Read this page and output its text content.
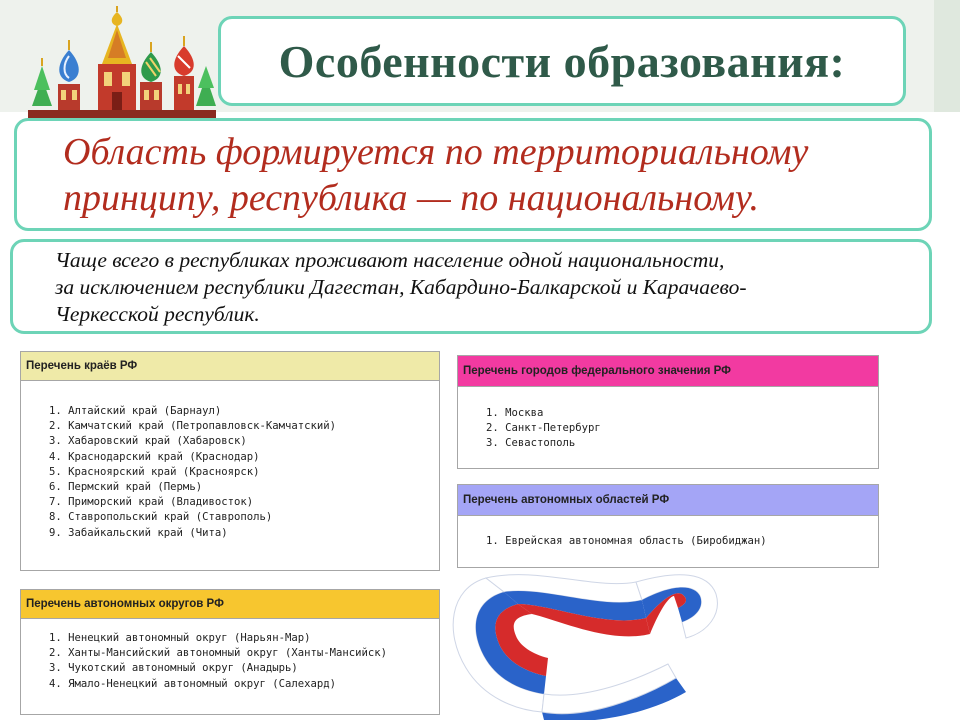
Особенности образования:
Область формируется по территориальному
принципу, республика — по национальному.
Чаще всего в республиках проживают население одной национальности,
за исключением республики Дагестан, Кабардино-Балкарской и Карачаево-
Черкесской республик.
Перечень краёв РФ
1. Алтайский край (Барнаул)
2. Камчатский край (Петропавловск-Камчатский)
3. Хабаровский край (Хабаровск)
4. Краснодарский край (Краснодар)
5. Красноярский край (Красноярск)
6. Пермский край (Пермь)
7. Приморский край (Владивосток)
8. Ставропольский край (Ставрополь)
9. Забайкальский край (Чита)
Перечень городов федерального значения РФ
1. Москва
2. Санкт-Петербург
3. Севастополь
Перечень автономных областей РФ
1. Еврейская автономная область (Биробиджан)
Перечень автономных округов РФ
1. Ненецкий автономный округ (Нарьян-Мар)
2. Ханты-Мансийский автономный округ (Ханты-Мансийск)
3. Чукотский автономный округ (Анадырь)
4. Ямало-Ненецкий автономный округ (Салехард)
